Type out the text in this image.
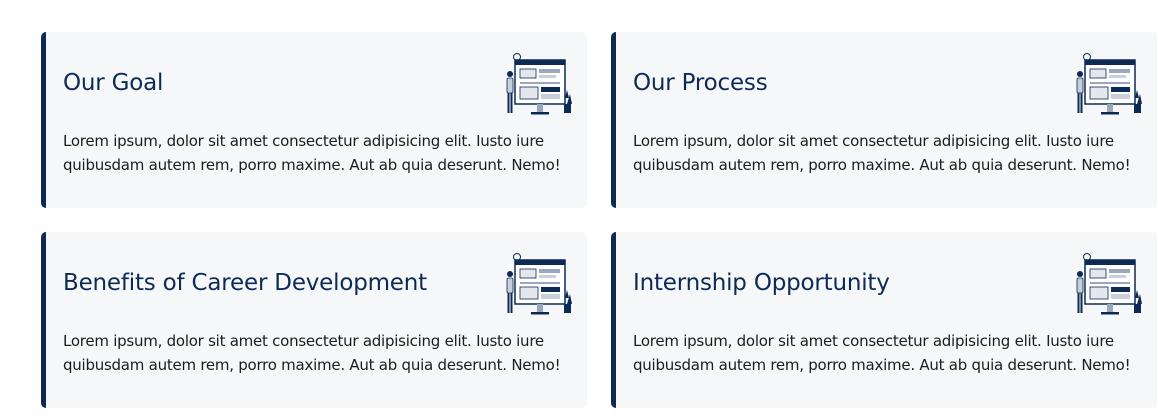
Our Goal

Lorem ipsum, dolor sit amet consectetur adipisicing elit. Iusto iure quibusdam autem rem, porro maxime. Aut ab quia deserunt. Nemo!

Our Process

Lorem ipsum, dolor sit amet consectetur adipisicing elit. Iusto iure quibusdam autem rem, porro maxime. Aut ab quia deserunt. Nemo!

Benefits of Career Development

Lorem ipsum, dolor sit amet consectetur adipisicing elit. Iusto iure quibusdam autem rem, porro maxime. Aut ab quia deserunt. Nemo!

Internship Opportunity

Lorem ipsum, dolor sit amet consectetur adipisicing elit. Iusto iure quibusdam autem rem, porro maxime. Aut ab quia deserunt. Nemo!
